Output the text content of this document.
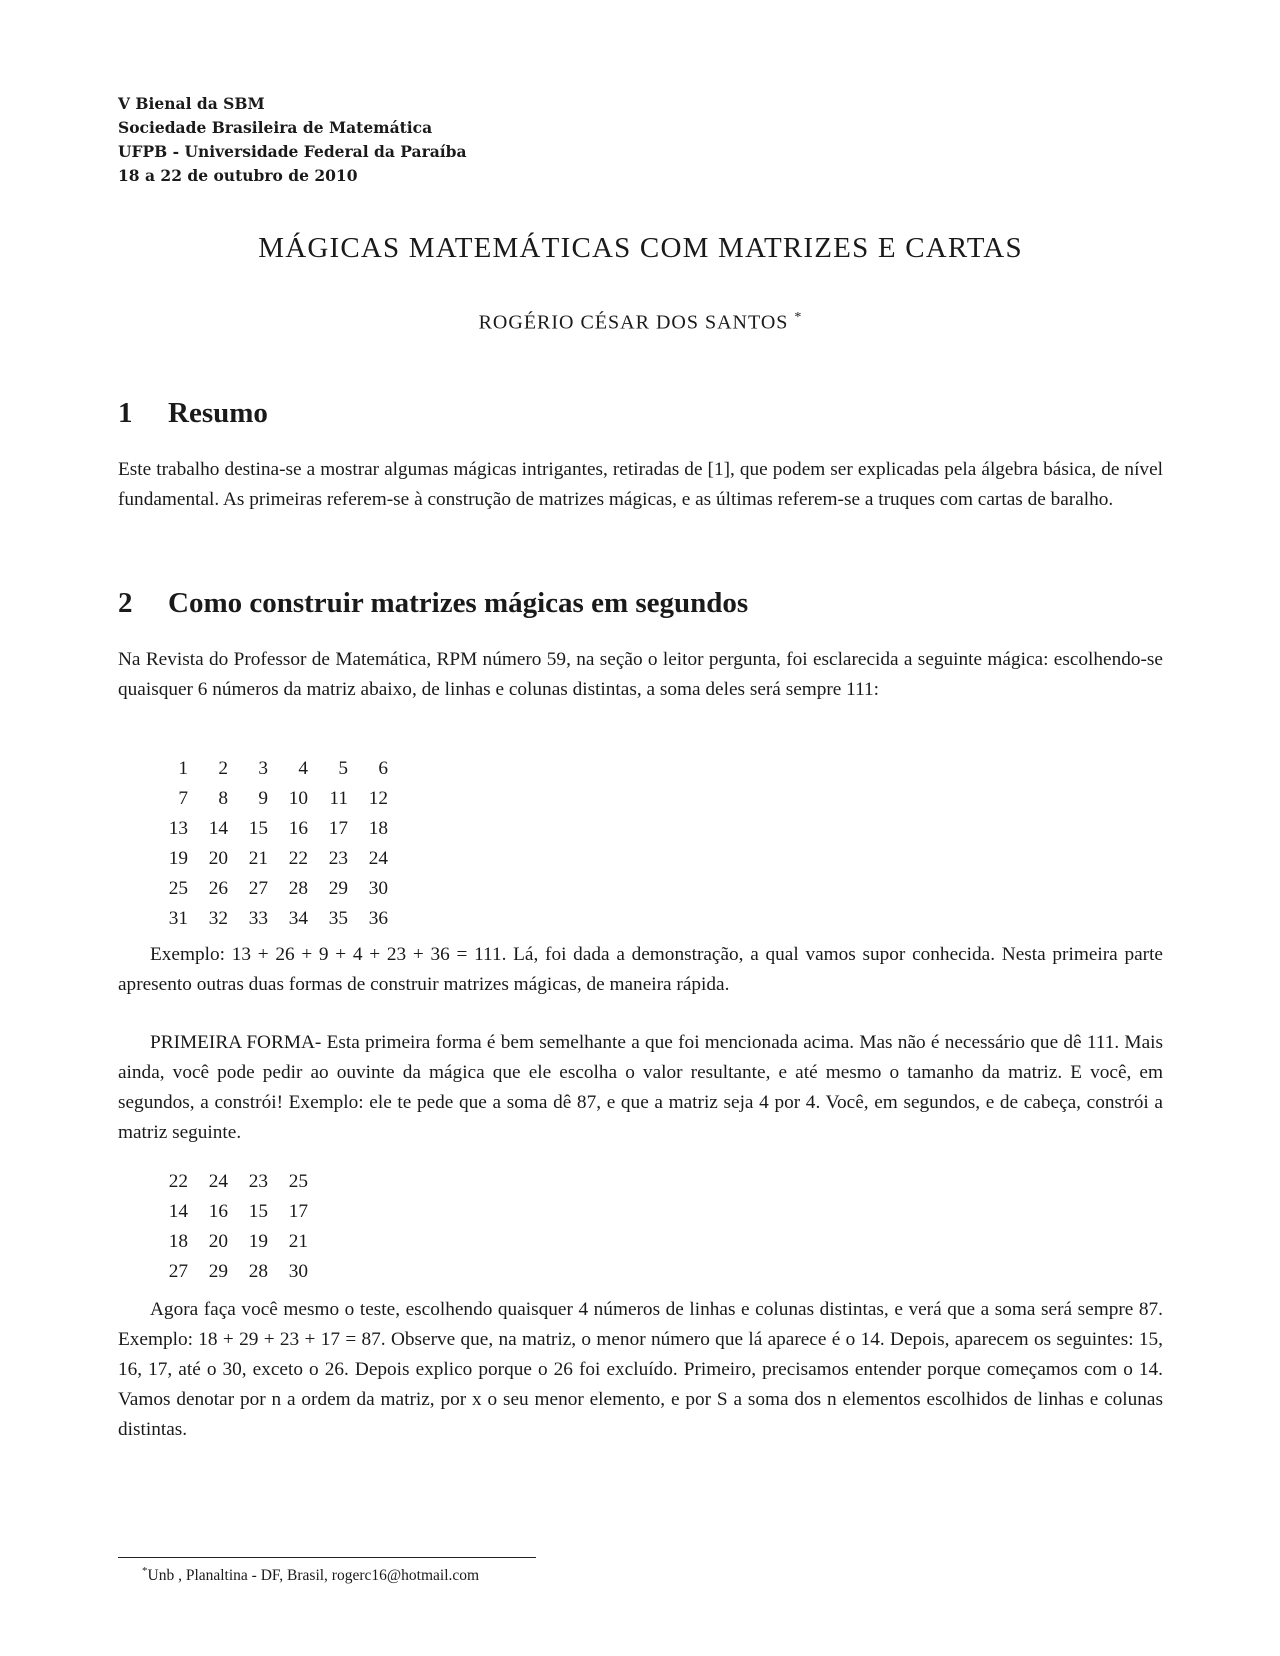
V Bienal da SBM

Sociedade Brasileira de Matemática

UFPB - Universidade Federal da Paraíba

18 a 22 de outubro de 2010

MÁGICAS MATEMÁTICAS COM MATRIZES E CARTAS
ROGÉRIO CÉSAR DOS SANTOS *
1 Resumo

Este trabalho destina-se a mostrar algumas mágicas intrigantes, retiradas de [1], que podem ser explicadas pela álgebra básica, de nível fundamental. As primeiras referem-se à construção de matrizes mágicas, e as últimas referem-se a truques com cartas de baralho.

2 Como construir matrizes mágicas em segundos

Na Revista do Professor de Matemática, RPM número 59, na seção o leitor pergunta, foi esclarecida a seguinte mágica: escolhendo-se quaisquer 6 números da matriz abaixo, de linhas e colunas distintas, a soma deles será sempre 111:

1	2	3	4	5	6
7	8	9	10	11	12
13	14	15	16	17	18
19	20	21	22	23	24
25	26	27	28	29	30
31	32	33	34	35	36

Exemplo: 13 + 26 + 9 + 4 + 23 + 36 = 111. Lá, foi dada a demonstração, a qual vamos supor conhecida. Nesta primeira parte apresento outras duas formas de construir matrizes mágicas, de maneira rápida.

PRIMEIRA FORMA- Esta primeira forma é bem semelhante a que foi mencionada acima. Mas não é necessário que dê 111. Mais ainda, você pode pedir ao ouvinte da mágica que ele escolha o valor resultante, e até mesmo o tamanho da matriz. E você, em segundos, a constrói! Exemplo: ele te pede que a soma dê 87, e que a matriz seja 4 por 4. Você, em segundos, e de cabeça, constrói a matriz seguinte.

22	24	23	25
14	16	15	17
18	20	19	21
27	29	28	30

Agora faça você mesmo o teste, escolhendo quaisquer 4 números de linhas e colunas distintas, e verá que a soma será sempre 87. Exemplo: 18 + 29 + 23 + 17 = 87. Observe que, na matriz, o menor número que lá aparece é o 14. Depois, aparecem os seguintes: 15, 16, 17, até o 30, exceto o 26. Depois explico porque o 26 foi excluído. Primeiro, precisamos entender porque começamos com o 14. Vamos denotar por n a ordem da matriz, por x o seu menor elemento, e por S a soma dos n elementos escolhidos de linhas e colunas distintas.

*Unb , Planaltina - DF, Brasil, rogerc16@hotmail.com
